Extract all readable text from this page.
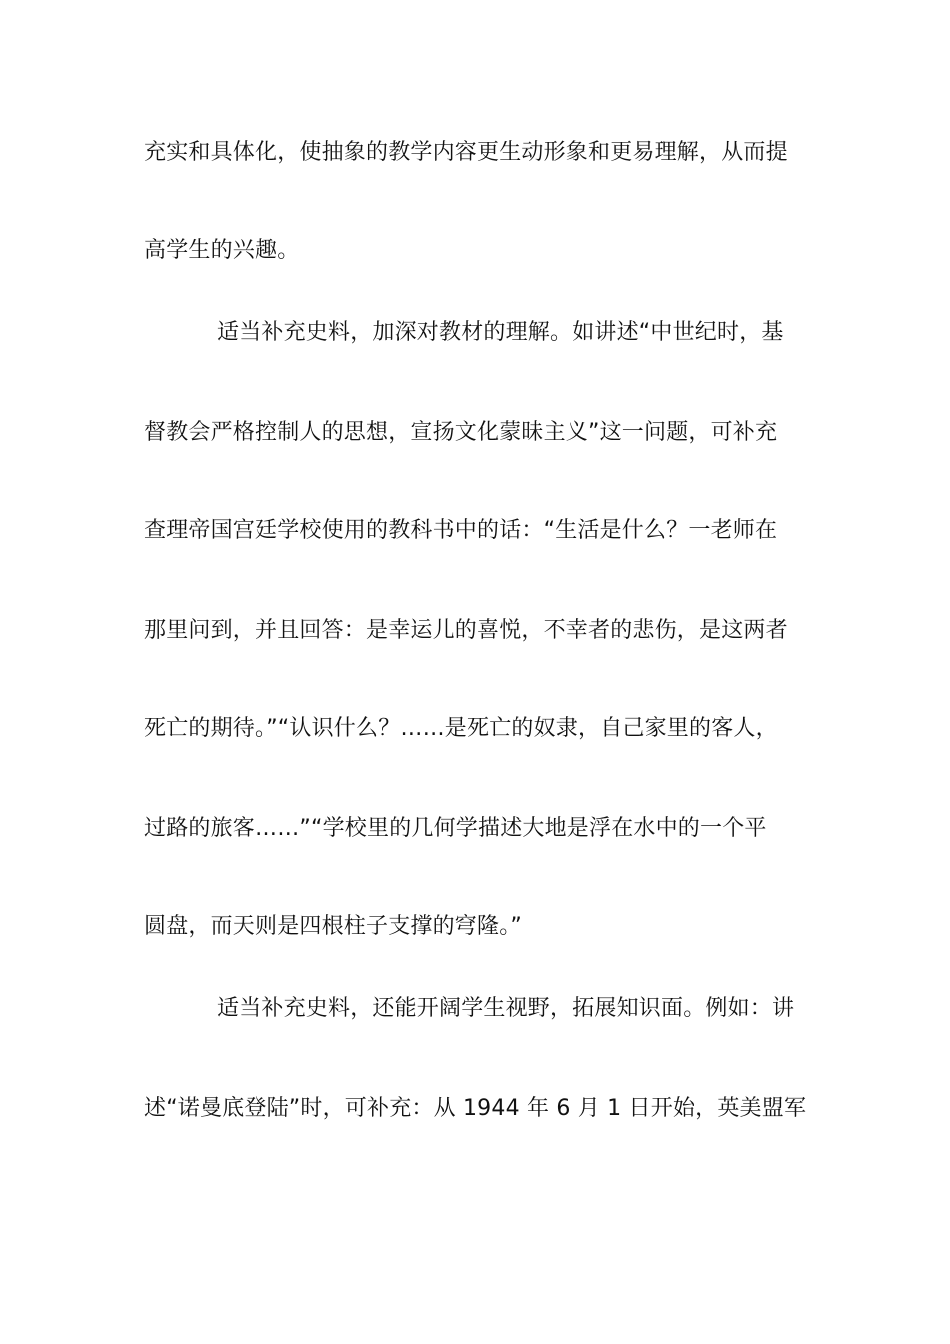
充实和具体化，使抽象的教学内容更生动形象和更易理解，从而提
高学生的兴趣。
适当补充史料，加深对教材的理解。如讲述“中世纪时，基
督教会严格控制人的思想，宣扬文化蒙昧主义”这一问题，可补充
查理帝国宫廷学校使用的教科书中的话：“生活是什么？一老师在
那里问到，并且回答：是幸运儿的喜悦，不幸者的悲伤，是这两者
死亡的期待。”“认识什么？……是死亡的奴隶，自己家里的客人，
过路的旅客……”“学校里的几何学描述大地是浮在水中的一个平
圆盘，而天则是四根柱子支撑的穹隆。”
适当补充史料，还能开阔学生视野，拓展知识面。例如：讲
述“诺曼底登陆”时，可补充：从 1944 年 6 月 1 日开始，英美盟军
